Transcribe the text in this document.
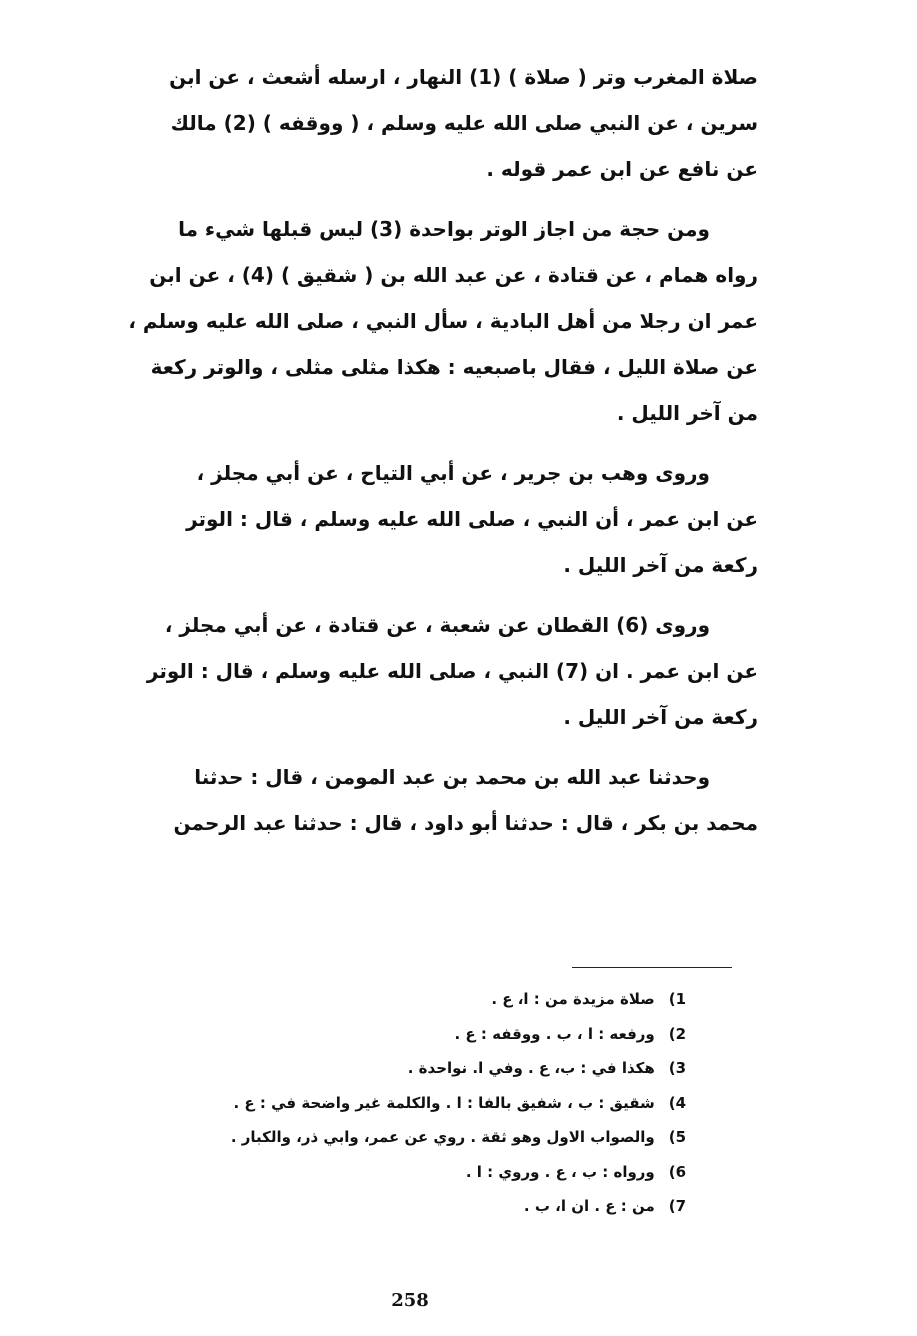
صلاة المغرب وتر ( صلاة ) (1) النهار ، ارسله أشعث ، عن ابن
سرين ، عن النبي صلى الله عليه وسلم ، ( ووقفه ) (2) مالك
عن نافع عن ابن عمر قوله .

ومن حجة من اجاز الوتر بواحدة (3) ليس قبلها شيء ما
رواه همام ، عن قتادة ، عن عبد الله بن ( شقيق ) (4) ، عن ابن
عمر ان رجلا من أهل البادية ، سأل النبي ، صلى الله عليه وسلم ،
عن صلاة الليل ، فقال باصبعيه : هكذا مثلى مثلى ، والوتر ركعة
من آخر الليل .

وروى وهب بن جرير ، عن أبي التياح ، عن أبي مجلز ،
عن ابن عمر ، أن النبي ، صلى الله عليه وسلم ، قال : الوتر
ركعة من آخر الليل .

وروى (6) القطان عن شعبة ، عن قتادة ، عن أبي مجلز ،
عن ابن عمر . ان (7) النبي ، صلى الله عليه وسلم ، قال : الوتر
ركعة من آخر الليل .

وحدثنا عبد الله بن محمد بن عبد المومن ، قال : حدثنا
محمد بن بكر ، قال : حدثنا أبو داود ، قال : حدثنا عبد الرحمن

1) صلاة مزيدة من : ا، ع .
2) ورفعه : ا ، ب . ووقفه : ع .
3) هكذا في : ب، ع . وفي ا. نواحدة .
4) شقيق : ب ، شفيق بالفا : ا . والكلمة غير واضحة في : ع .
5) والصواب الاول وهو ثقة . روي عن عمر، وابي ذر، والكبار .
6) ورواه : ب ، ع . وروي : ا .
7) من : ع . ان ا، ب .
258
